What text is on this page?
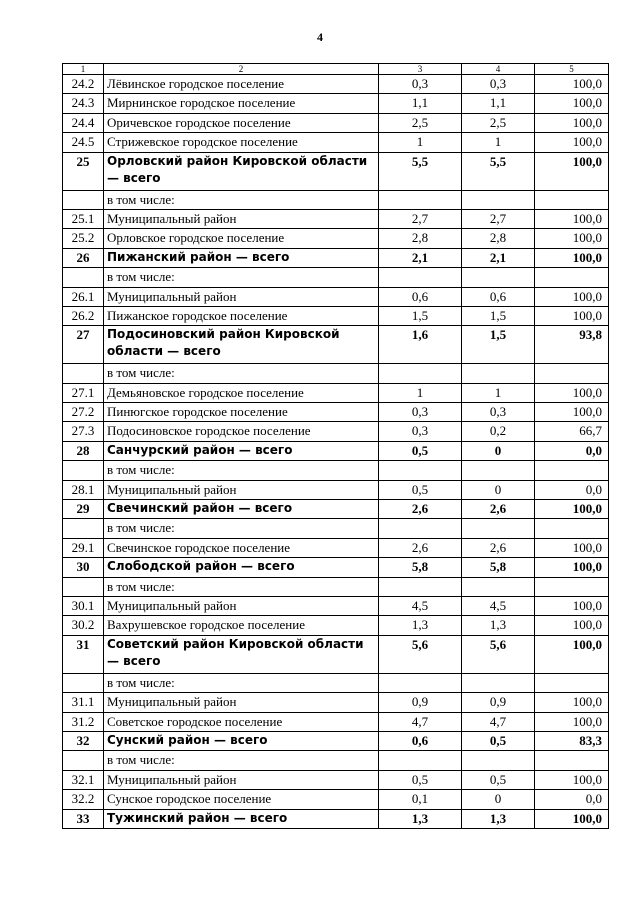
4
1	2	3	4	5
24.2	Лёвинское городское поселение	0,3	0,3	100,0
24.3	Мирнинское городское поселение	1,1	1,1	100,0
24.4	Оричевское городское поселение	2,5	2,5	100,0
24.5	Стрижевское городское поселение	1	1	100,0
25	Орловский район Кировской области — всего	5,5	5,5	100,0
	в том числе:			
25.1	Муниципальный район	2,7	2,7	100,0
25.2	Орловское городское поселение	2,8	2,8	100,0
26	Пижанский район — всего	2,1	2,1	100,0
	в том числе:			
26.1	Муниципальный район	0,6	0,6	100,0
26.2	Пижанское городское поселение	1,5	1,5	100,0
27	Подосиновский район Кировской области — всего	1,6	1,5	93,8
	в том числе:			
27.1	Демьяновское городское поселение	1	1	100,0
27.2	Пинюгское городское поселение	0,3	0,3	100,0
27.3	Подосиновское городское поселение	0,3	0,2	66,7
28	Санчурский район — всего	0,5	0	0,0
	в том числе:			
28.1	Муниципальный район	0,5	0	0,0
29	Свечинский район — всего	2,6	2,6	100,0
	в том числе:			
29.1	Свечинское городское поселение	2,6	2,6	100,0
30	Слободской район — всего	5,8	5,8	100,0
	в том числе:			
30.1	Муниципальный район	4,5	4,5	100,0
30.2	Вахрушевское городское поселение	1,3	1,3	100,0
31	Советский район Кировской области — всего	5,6	5,6	100,0
	в том числе:			
31.1	Муниципальный район	0,9	0,9	100,0
31.2	Советское городское поселение	4,7	4,7	100,0
32	Сунский район — всего	0,6	0,5	83,3
	в том числе:			
32.1	Муниципальный район	0,5	0,5	100,0
32.2	Сунское городское поселение	0,1	0	0,0
33	Тужинский район — всего	1,3	1,3	100,0
